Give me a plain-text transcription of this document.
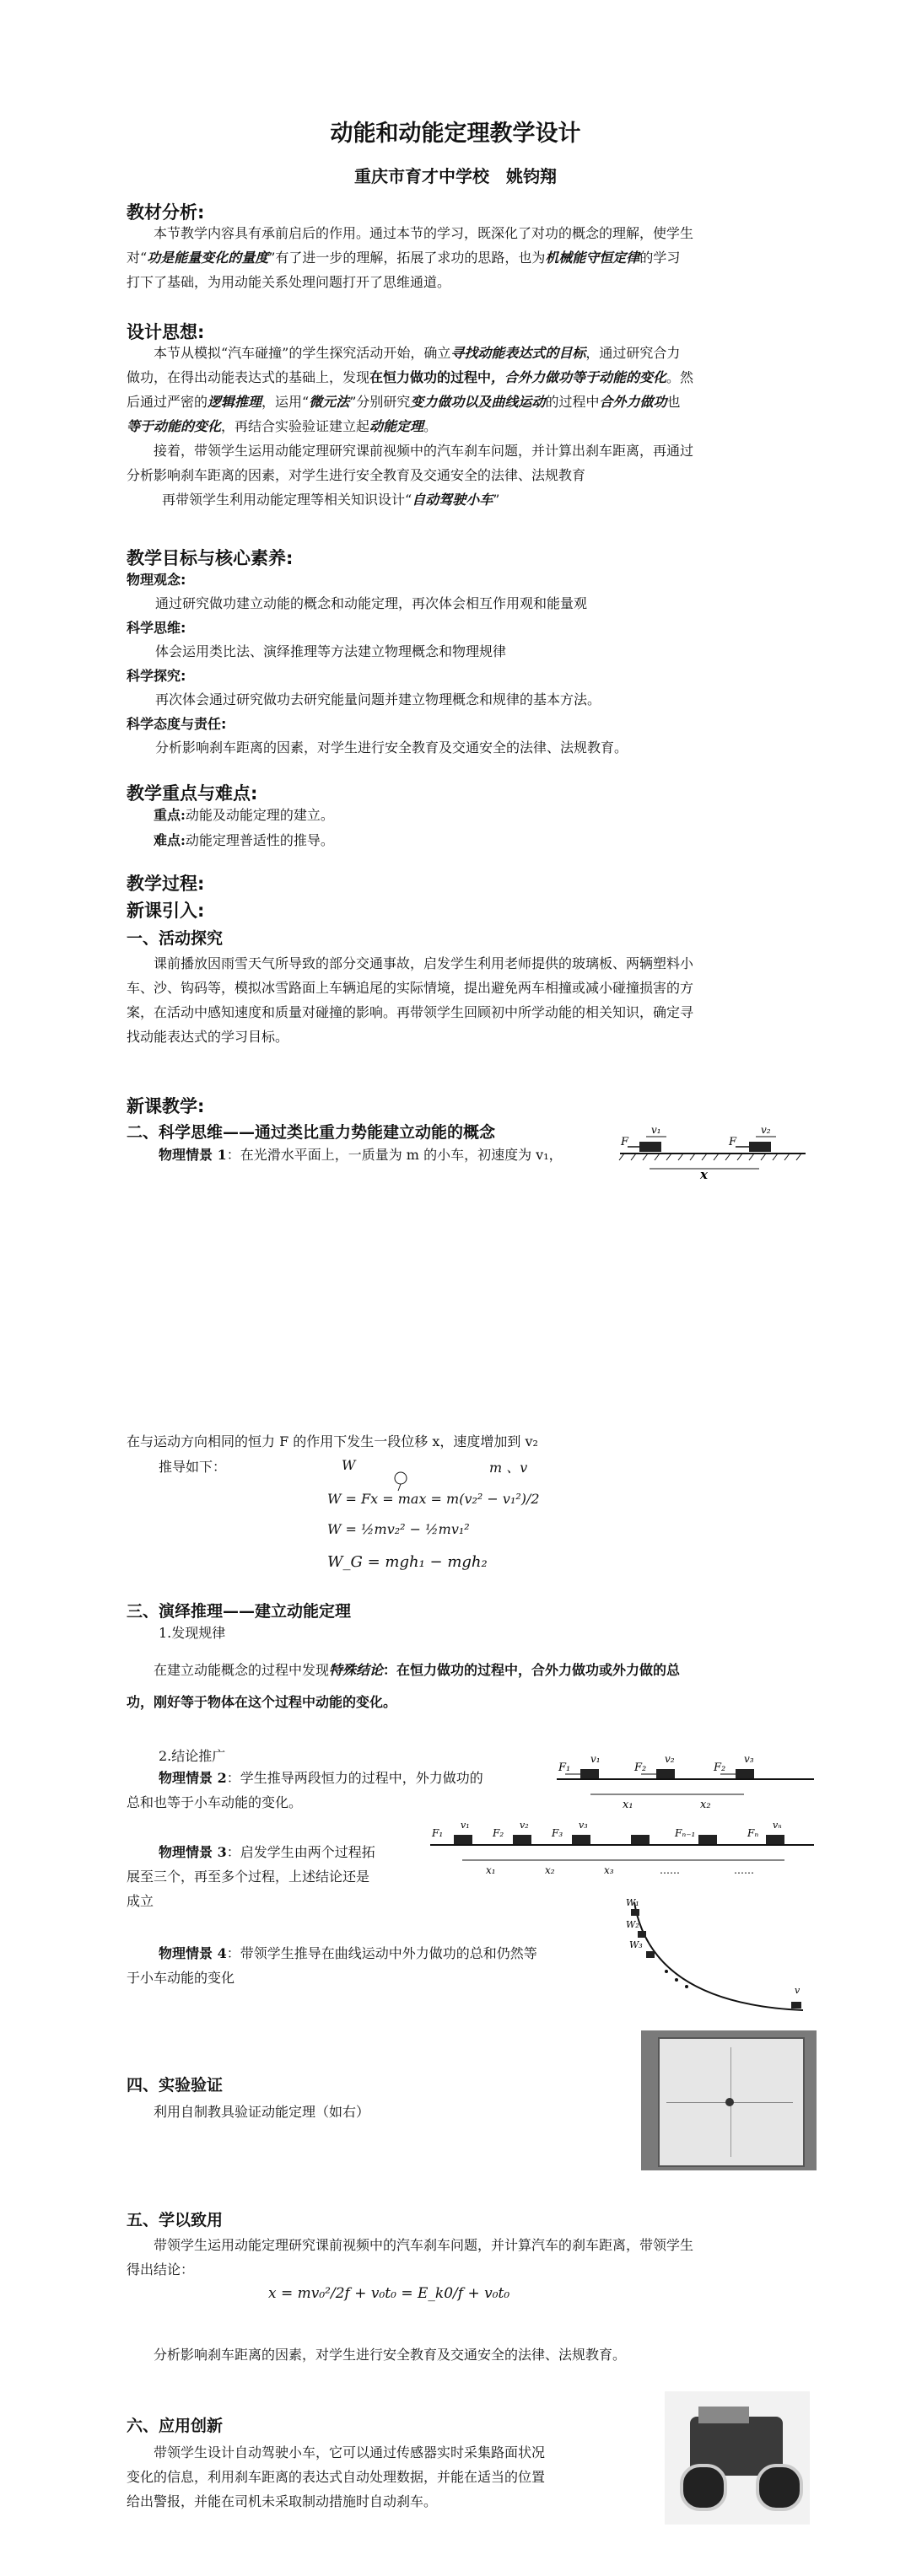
动能和动能定理教学设计
重庆市育才中学校　姚钧翔
教材分析:
本节教学内容具有承前启后的作用。通过本节的学习，既深化了对功的概念的理解，使学生
对“功是能量变化的量度”有了进一步的理解，拓展了求功的思路，也为机械能守恒定律的学习
打下了基础，为用动能关系处理问题打开了思维通道。
设计思想:
本节从模拟“汽车碰撞”的学生探究活动开始，确立寻找动能表达式的目标，通过研究合力
做功，在得出动能表达式的基础上，发现在恒力做功的过程中，合外力做功等于动能的变化。然
后通过严密的逻辑推理，运用“微元法”分别研究变力做功以及曲线运动的过程中合外力做功也
等于动能的变化，再结合实验验证建立起动能定理。
接着，带领学生运用动能定理研究课前视频中的汽车刹车问题，并计算出刹车距离，再通过
分析影响刹车距离的因素，对学生进行安全教育及交通安全的法律、法规教育
再带领学生利用动能定理等相关知识设计“自动驾驶小车”
教学目标与核心素养:
物理观念:
通过研究做功建立动能的概念和动能定理，再次体会相互作用观和能量观
科学思维:
体会运用类比法、演绎推理等方法建立物理概念和物理规律
科学探究:
再次体会通过研究做功去研究能量问题并建立物理概念和规律的基本方法。
科学态度与责任:
分析影响刹车距离的因素，对学生进行安全教育及交通安全的法律、法规教育。
教学重点与难点:
重点:动能及动能定理的建立。
难点:动能定理普适性的推导。
教学过程:
新课引入:
一、活动探究
课前播放因雨雪天气所导致的部分交通事故，启发学生利用老师提供的玻璃板、两辆塑料小
车、沙、钩码等，模拟冰雪路面上车辆追尾的实际情境，提出避免两车相撞或减小碰撞损害的方
案，在活动中感知速度和质量对碰撞的影响。再带领学生回顾初中所学动能的相关知识，确定寻
找动能表达式的学习目标。
新课教学:
二、科学思维——通过类比重力势能建立动能的概念
物理情景 1：在光滑水平面上，一质量为 m 的小车，初速度为 v₁，
F	F
v₁	v₂
x
在与运动方向相同的恒力 F 的作用下发生一段位移 x，速度增加到 v₂
推导如下：	W	m 、v
W = Fx = max = m(v₂² − v₁²)/2
W = ½mv₂² − ½mv₁²
W_G = mgh₁ − mgh₂
三、演绎推理——建立动能定理
1.发现规律
在建立动能概念的过程中发现特殊结论：在恒力做功的过程中，合外力做功或外力做的总
功，刚好等于物体在这个过程中动能的变化。
2.结论推广
物理情景 2：学生推导两段恒力的过程中，外力做功的
总和也等于小车动能的变化。
F₁	F₂	F₂
v₁	v₂	v₃
x₁	x₂
物理情景 3：启发学生由两个过程拓
展至三个，再至多个过程，上述结论还是
成立
F₁	F₂	F₃	Fₙ₋₁	Fₙ
v₁	v₂	v₃	vₙ
x₁	x₂	x₃	……	……
物理情景 4：带领学生推导在曲线运动中外力做功的总和仍然等
于小车动能的变化
W₁
W₂
W₃
v
四、实验验证
利用自制教具验证动能定理（如右）
五、学以致用
带领学生运用动能定理研究课前视频中的汽车刹车问题，并计算汽车的刹车距离，带领学生
得出结论：
x = mv₀²/2f + v₀t₀ = E_k0/f + v₀t₀
分析影响刹车距离的因素，对学生进行安全教育及交通安全的法律、法规教育。
六、应用创新
带领学生设计自动驾驶小车，它可以通过传感器实时采集路面状况
变化的信息，利用刹车距离的表达式自动处理数据，并能在适当的位置
给出警报，并能在司机未采取制动措施时自动刹车。
